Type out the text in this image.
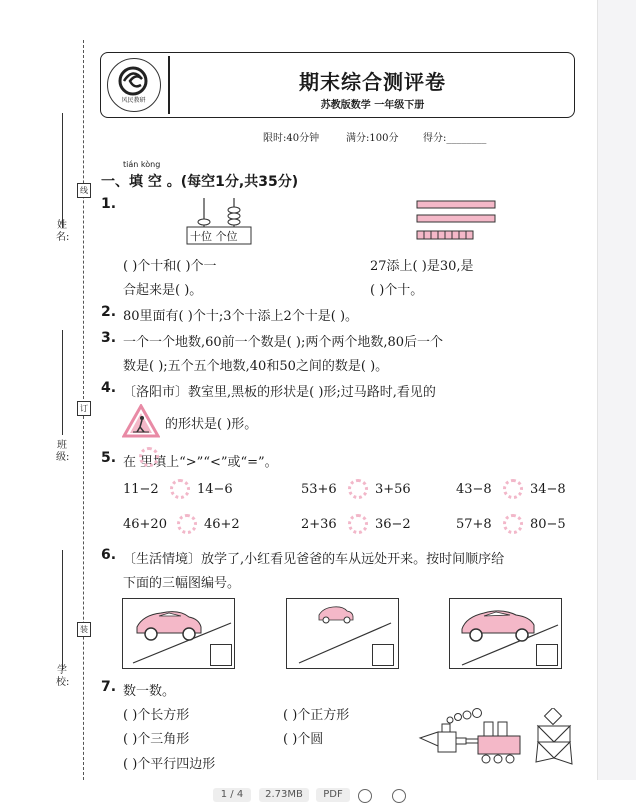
线
订
装
姓 名:
班 级:
学 校:
风民教研
期末综合测评卷
苏教版数学 一年级下册
限时:40分钟	满分:100分 得分:________
tián kòng
一、填 空 。(每空1分,共35分)
1.
十位 个位
( )个十和( )个一	27添上( )是30,是
合起来是( )。	( )个十。
2. 80里面有( )个十;3个十添上2个十是( )。
3. 一个一个地数,60前一个数是( );两个两个地数,80后一个
数是( );五个五个地数,40和50之间的数是( )。
4. 〔洛阳市〕教室里,黑板的形状是( )形;过马路时,看见的
的形状是( )形。
5. 在 里填上“>”“<”或“=”。
11−2	14−6	53+6	3+56	43−8	34−8
46+20	46+2	2+36	36−2	57+8	80−5
6. 〔生活情境〕放学了,小红看见爸爸的车从远处开来。按时间顺序给
下面的三幅图编号。
7. 数一数。
( )个长方形	( )个正方形
( )个三角形	( )个圆
( )个平行四边形
1 / 4	2.73MB	PDF
